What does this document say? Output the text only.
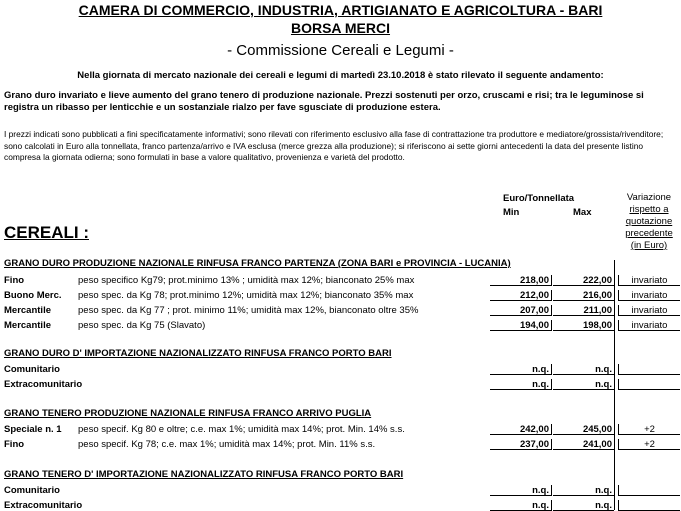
CAMERA DI COMMERCIO, INDUSTRIA, ARTIGIANATO E AGRICOLTURA - BARI
BORSA MERCI
- Commissione Cereali e Legumi -
Nella giornata di mercato nazionale dei cereali e legumi di martedì 23.10.2018 è stato rilevato il seguente andamento:
Grano duro invariato e lieve aumento del grano tenero di produzione nazionale. Prezzi sostenuti per orzo, cruscami e risi; tra le leguminose si registra un ribasso per lenticchie e un sostanziale rialzo per fave sgusciate di produzione estera.
I prezzi indicati sono pubblicati a fini specificatamente informativi; sono rilevati con riferimento esclusivo alla fase di contrattazione tra produttore e mediatore/grossista/rivenditore; sono calcolati in Euro alla tonnellata, franco partenza/arrivo e IVA esclusa (merce grezza alla produzione); si riferiscono ai sette giorni antecedenti la data del presente listino compresa la giornata odierna; sono formulati in base a valore qualitativo, provenienza e varietà del prodotto.
Euro/Tonnellata
Min	Max
Variazione
rispetto a
quotazione
precedente
(in Euro)
CEREALI :
GRANO DURO PRODUZIONE NAZIONALE RINFUSA FRANCO PARTENZA (ZONA BARI e PROVINCIA - LUCANIA)
Fino	peso specifico Kg79; prot.minimo 13% ; umidità max 12%; bianconato 25% max	218,00	222,00	invariato
Buono Merc. peso spec. da Kg 78; prot.minimo 12%; umidità max 12%; bianconato 35% max	212,00	216,00	invariato
Mercantile	peso spec. da Kg 77 ; prot. minimo 11%; umidità max 12%, bianconato oltre 35%	207,00	211,00	invariato
Mercantile	peso spec. da Kg 75 (Slavato)	194,00	198,00	invariato
GRANO DURO D' IMPORTAZIONE NAZIONALIZZATO RINFUSA FRANCO PORTO BARI
Comunitario	n.q.	n.q.
Extracomunitario	n.q.	n.q.
GRANO TENERO PRODUZIONE NAZIONALE RINFUSA FRANCO ARRIVO PUGLIA
Speciale n. 1 peso specif. Kg 80 e oltre; c.e. max 1%; umidità max 14%; prot. Min. 14% s.s.	242,00	245,00	+2
Fino	peso specif. Kg 78; c.e. max 1%; umidità max 14%; prot. Min. 11% s.s.	237,00	241,00	+2
GRANO TENERO D' IMPORTAZIONE NAZIONALIZZATO RINFUSA FRANCO PORTO BARI
Comunitario	n.q.	n.q.
Extracomunitario	n.q.	n.q.
